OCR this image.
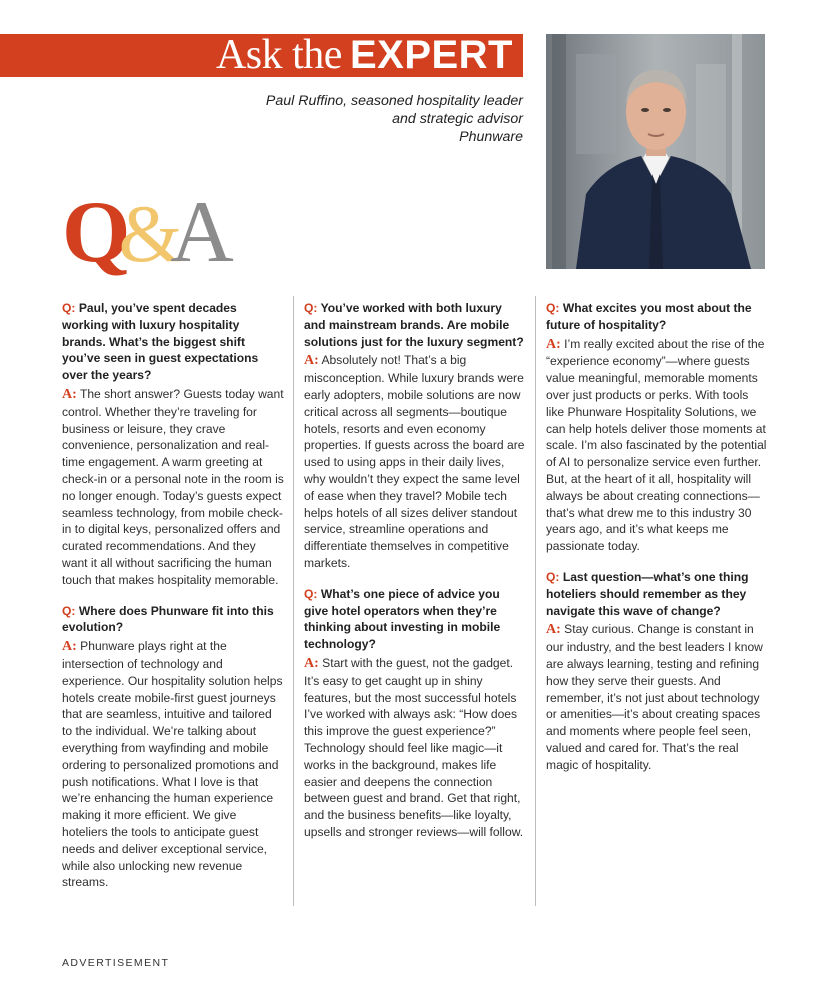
Ask the EXPERT
Paul Ruffino, seasoned hospitality leader
and strategic advisor
Phunware
Q&A

Q: Paul, you’ve spent decades working with luxury hospitality brands. What’s the biggest shift you’ve seen in guest expectations over the years?

A: The short answer? Guests today want control. Whether they’re traveling for business or leisure, they crave convenience, personalization and real-time engagement. A warm greeting at check-in or a personal note in the room is no longer enough. Today’s guests expect seamless technology, from mobile check-in to digital keys, personalized offers and curated recommendations. And they want it all without sacrificing the human touch that makes hospitality memorable.

Q: Where does Phunware fit into this evolution?

A: Phunware plays right at the intersection of technology and experience. Our hospitality solution helps hotels create mobile-first guest journeys that are seamless, intuitive and tailored to the individual. We’re talking about everything from wayfinding and mobile ordering to personalized promotions and push notifications. What I love is that we’re enhancing the human experience making it more efficient. We give hoteliers the tools to anticipate guest needs and deliver exceptional service, while also unlocking new revenue streams.

Q: You’ve worked with both luxury and mainstream brands. Are mobile solutions just for the luxury segment?

A: Absolutely not! That’s a big misconception. While luxury brands were early adopters, mobile solutions are now critical across all segments—boutique hotels, resorts and even economy properties. If guests across the board are used to using apps in their daily lives, why wouldn’t they expect the same level of ease when they travel? Mobile tech helps hotels of all sizes deliver standout service, streamline operations and differentiate themselves in competitive markets.

Q: What’s one piece of advice you give hotel operators when they’re thinking about investing in mobile technology?

A: Start with the guest, not the gadget. It’s easy to get caught up in shiny features, but the most successful hotels I’ve worked with always ask: “How does this improve the guest experience?” Technology should feel like magic—it works in the background, makes life easier and deepens the connection between guest and brand. Get that right, and the business benefits—like loyalty, upsells and stronger reviews—will follow.

Q: What excites you most about the future of hospitality?

A: I’m really excited about the rise of the “experience economy”—where guests value meaningful, memorable moments over just products or perks. With tools like Phunware Hospitality Solutions, we can help hotels deliver those moments at scale. I’m also fascinated by the potential of AI to personalize service even further. But, at the heart of it all, hospitality will always be about creating connections—that’s what drew me to this industry 30 years ago, and it’s what keeps me passionate today.

Q: Last question—what’s one thing hoteliers should remember as they navigate this wave of change?

A: Stay curious. Change is constant in our industry, and the best leaders I know are always learning, testing and refining how they serve their guests. And remember, it’s not just about technology or amenities—it’s about creating spaces and moments where people feel seen, valued and cared for. That’s the real magic of hospitality.

ADVERTISEMENT
